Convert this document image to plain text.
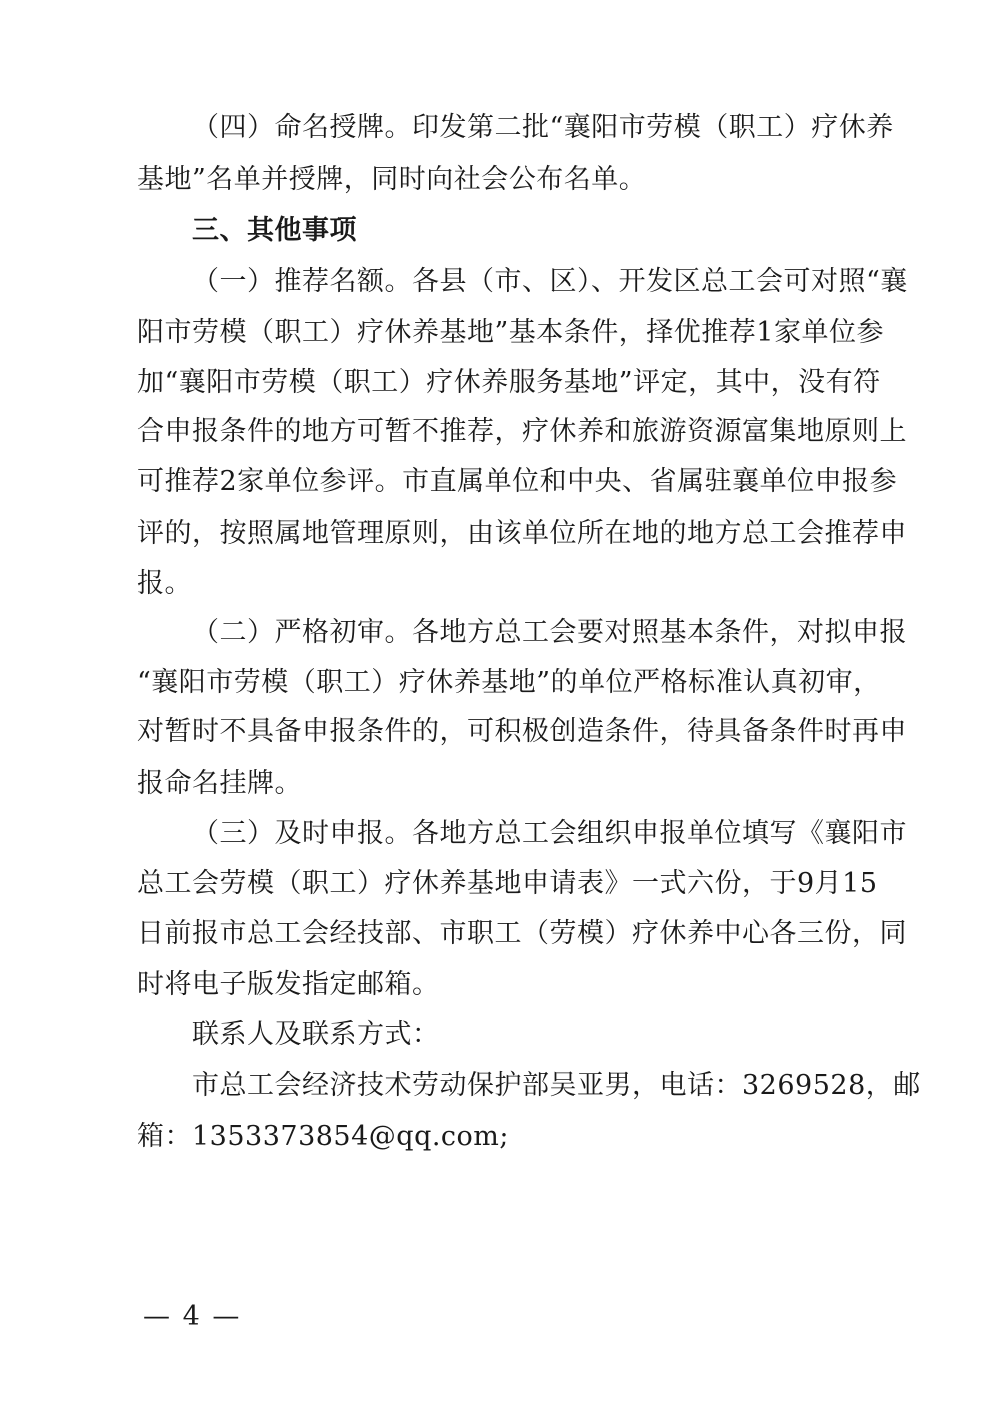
（四）命名授牌。印发第二批“襄阳市劳模（职工）疗休养

基地”名单并授牌，同时向社会公布名单。

三、其他事项

（一）推荐名额。各县（市、区）、开发区总工会可对照“襄

阳市劳模（职工）疗休养基地”基本条件，择优推荐1家单位参

加“襄阳市劳模（职工）疗休养服务基地”评定，其中，没有符

合申报条件的地方可暂不推荐，疗休养和旅游资源富集地原则上

可推荐2家单位参评。市直属单位和中央、省属驻襄单位申报参

评的，按照属地管理原则，由该单位所在地的地方总工会推荐申

报。

（二）严格初审。各地方总工会要对照基本条件，对拟申报

“襄阳市劳模（职工）疗休养基地”的单位严格标准认真初审，

对暂时不具备申报条件的，可积极创造条件，待具备条件时再申

报命名挂牌。

（三）及时申报。各地方总工会组织申报单位填写《襄阳市

总工会劳模（职工）疗休养基地申请表》一式六份，于9月15

日前报市总工会经技部、市职工（劳模）疗休养中心各三份，同

时将电子版发指定邮箱。

联系人及联系方式：

市总工会经济技术劳动保护部吴亚男，电话：3269528，邮

箱：1353373854@qq.com;

— 4 —
